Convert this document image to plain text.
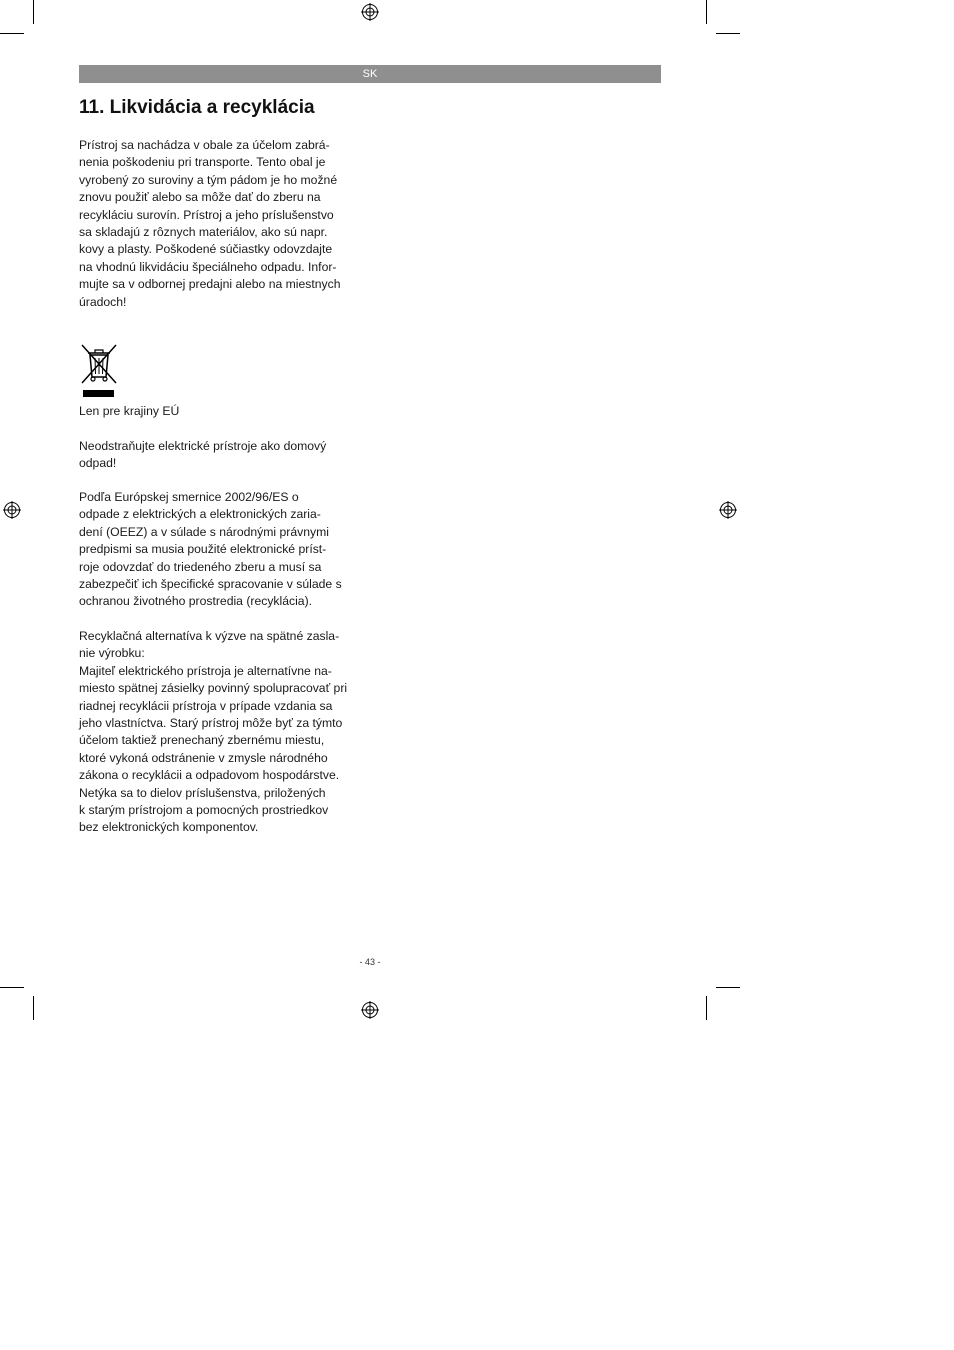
SK
11. Likvidácia a recyklácia

Prístroj sa nachádza v obale za účelom zabrá-
nenia poškodeniu pri transporte. Tento obal je
vyrobený zo suroviny a tým pádom je ho možné
znovu použiť alebo sa môže dať do zberu na
recykláciu surovín. Prístroj a jeho príslušenstvo
sa skladajú z rôznych materiálov, ako sú napr.
kovy a plasty. Poškodené súčiastky odovzdajte
na vhodnú likvidáciu špeciálneho odpadu. Infor-
mujte sa v odbornej predajni alebo na miestnych
úradoch!

Len pre krajiny EÚ

Neodstraňujte elektrické prístroje ako domový
odpad!

Podľa Európskej smernice 2002/96/ES o
odpade z elektrických a elektronických zaria-
dení (OEEZ) a v súlade s národnými právnymi
predpismi sa musia použité elektronické príst-
roje odovzdať do triedeného zberu a musí sa
zabezpečiť ich špecifické spracovanie v súlade s
ochranou životného prostredia (recyklácia).

Recyklačná alternatíva k výzve na spätné zasla-
nie výrobku:
Majiteľ elektrického prístroja je alternatívne na-
miesto spätnej zásielky povinný spolupracovať pri
riadnej recyklácii prístroja v prípade vzdania sa
jeho vlastníctva. Starý prístroj môže byť za týmto
účelom taktiež prenechaný zbernému miestu,
ktoré vykoná odstránenie v zmysle národného
zákona o recyklácii a odpadovom hospodárstve.
Netýka sa to dielov príslušenstva, priložených
k starým prístrojom a pomocných prostriedkov
bez elektronických komponentov.

- 43 -
